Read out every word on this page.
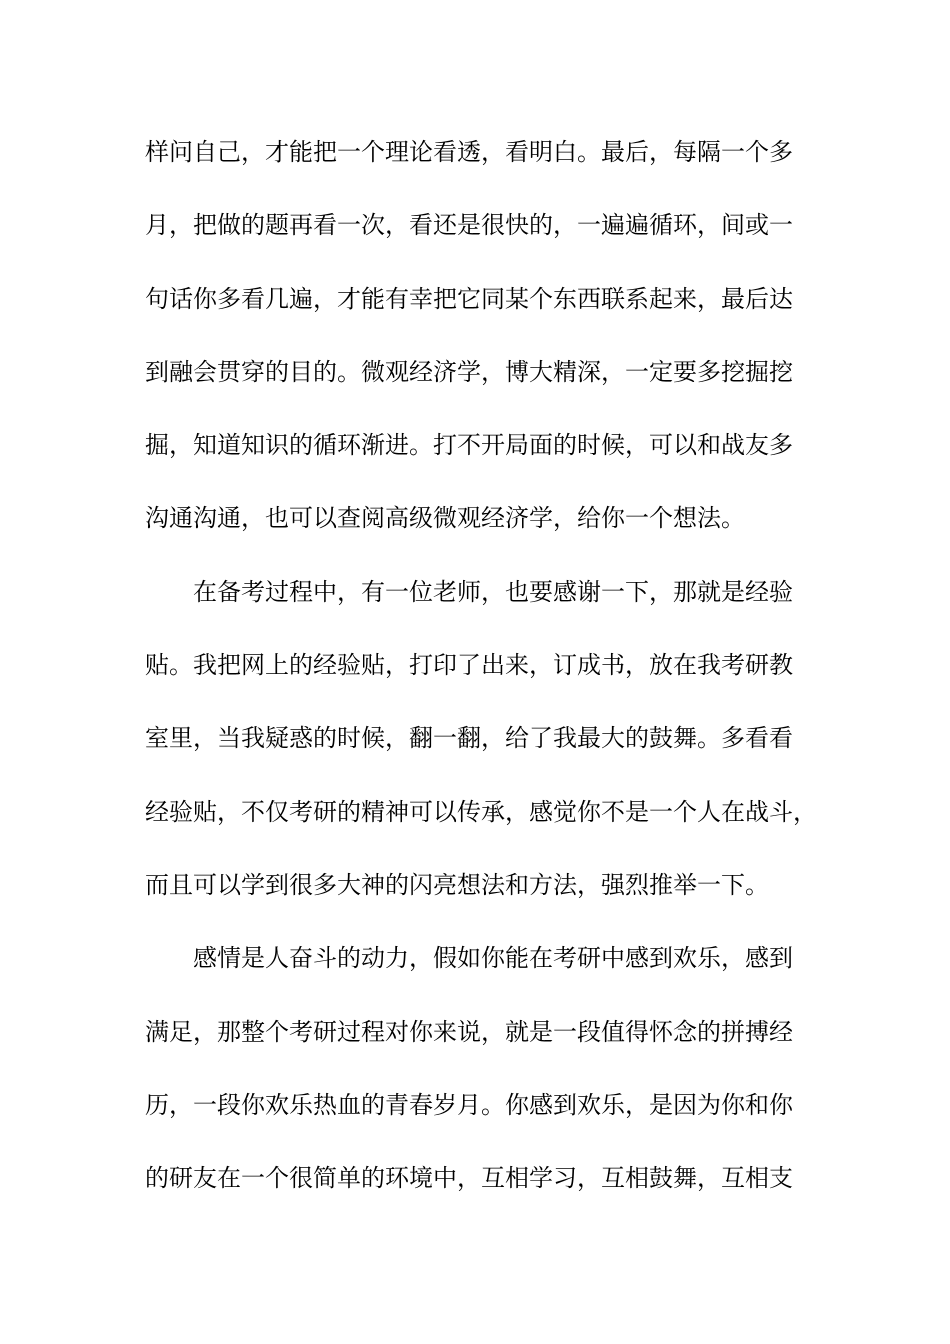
样问自己，才能把一个理论看透，看明白。最后，每隔一个多
月，把做的题再看一次，看还是很快的，一遍遍循环，间或一
句话你多看几遍，才能有幸把它同某个东西联系起来，最后达
到融会贯穿的目的。微观经济学，博大精深，一定要多挖掘挖
掘，知道知识的循环渐进。打不开局面的时候，可以和战友多
沟通沟通，也可以查阅高级微观经济学，给你一个想法。
在备考过程中，有一位老师，也要感谢一下，那就是经验
贴。我把网上的经验贴，打印了出来，订成书，放在我考研教
室里，当我疑惑的时候，翻一翻，给了我最大的鼓舞。多看看
经验贴，不仅考研的精神可以传承，感觉你不是一个人在战斗，
而且可以学到很多大神的闪亮想法和方法，强烈推举一下。
感情是人奋斗的动力，假如你能在考研中感到欢乐，感到
满足，那整个考研过程对你来说，就是一段值得怀念的拼搏经
历，一段你欢乐热血的青春岁月。你感到欢乐，是因为你和你
的研友在一个很简单的环境中，互相学习，互相鼓舞，互相支
